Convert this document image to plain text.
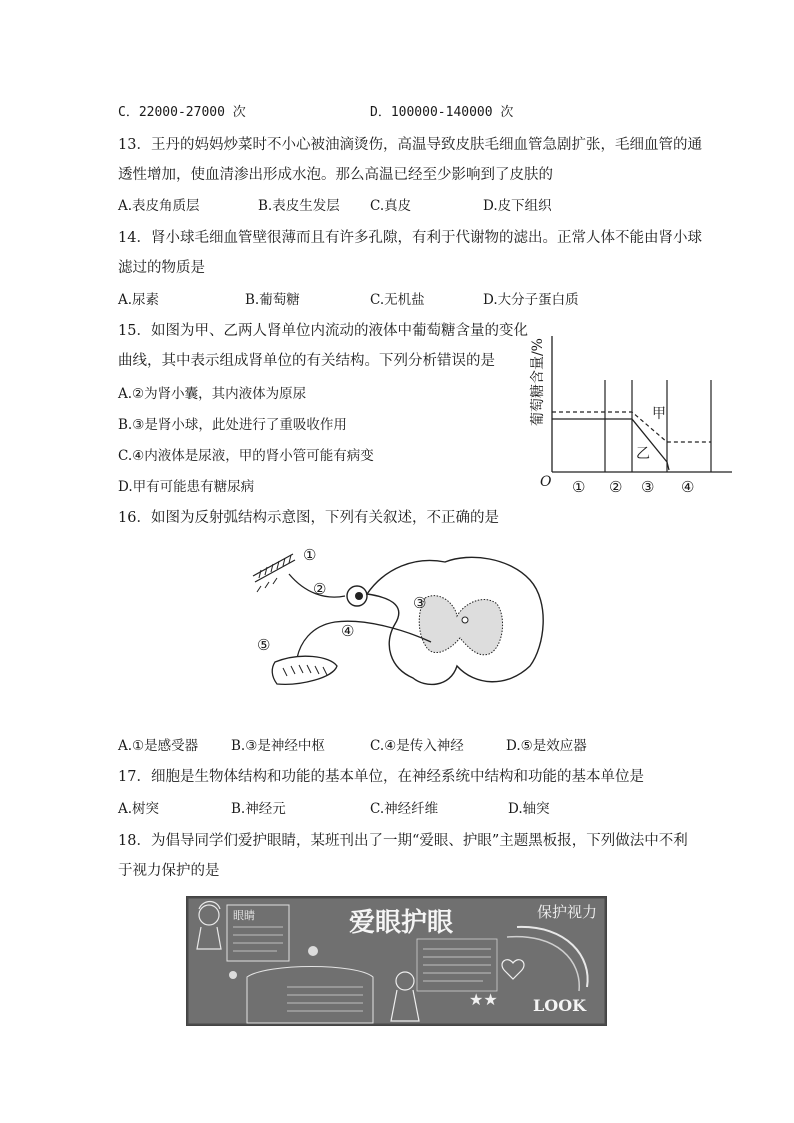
C．22000-27000 次	D．100000-140000 次
13．王丹的妈妈炒菜时不小心被油滴烫伤，高温导致皮肤毛细血管急剧扩张，毛细血管的通
透性增加，使血清渗出形成水泡。那么高温已经至少影响到了皮肤的
A.表皮角质层	B.表皮生发层 C.真皮	D.皮下组织
14．肾小球毛细血管壁很薄而且有许多孔隙，有利于代谢物的滤出。正常人体不能由肾小球
滤过的物质是
A.尿素	B.葡萄糖	C.无机盐	D.大分子蛋白质
15．如图为甲、乙两人肾单位内流动的液体中葡萄糖含量的变化
曲线，其中表示组成肾单位的有关结构。下列分析错误的是
A.②为肾小囊，其内液体为原尿
B.③是肾小球，此处进行了重吸收作用
C.④内液体是尿液，甲的肾小管可能有病变
D.甲有可能患有糖尿病
葡萄糖含量/%
O
甲
乙
① ② ③ ④
16．如图为反射弧结构示意图，下列有关叙述，不正确的是
①
②
③
④
⑤
A.①是感受器 B.③是神经中枢	C.④是传入神经	D.⑤是效应器
17．细胞是生物体结构和功能的基本单位，在神经系统中结构和功能的基本单位是
A.树突	B.神经元	C.神经纤维	D.轴突
18．为倡导同学们爱护眼睛，某班刊出了一期“爱眼、护眼”主题黑板报，下列做法中不利
于视力保护的是
眼睛	爱眼护眼
★★
保护视力
LOOK
